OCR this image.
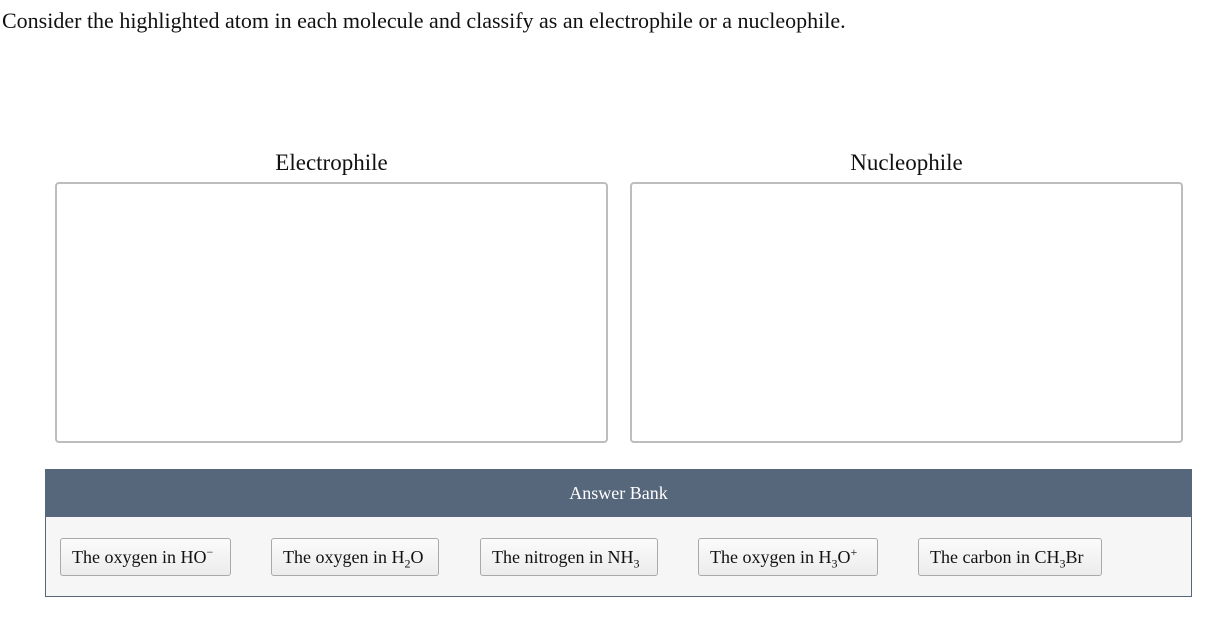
Consider the highlighted atom in each molecule and classify as an electrophile or a nucleophile.
Electrophile	Nucleophile
Answer Bank
The oxygen in HO−	The oxygen in $H_2O$	The nitrogen in $NH_3$	The oxygen in $H_3O^+$	The carbon in $CH_3Br$
